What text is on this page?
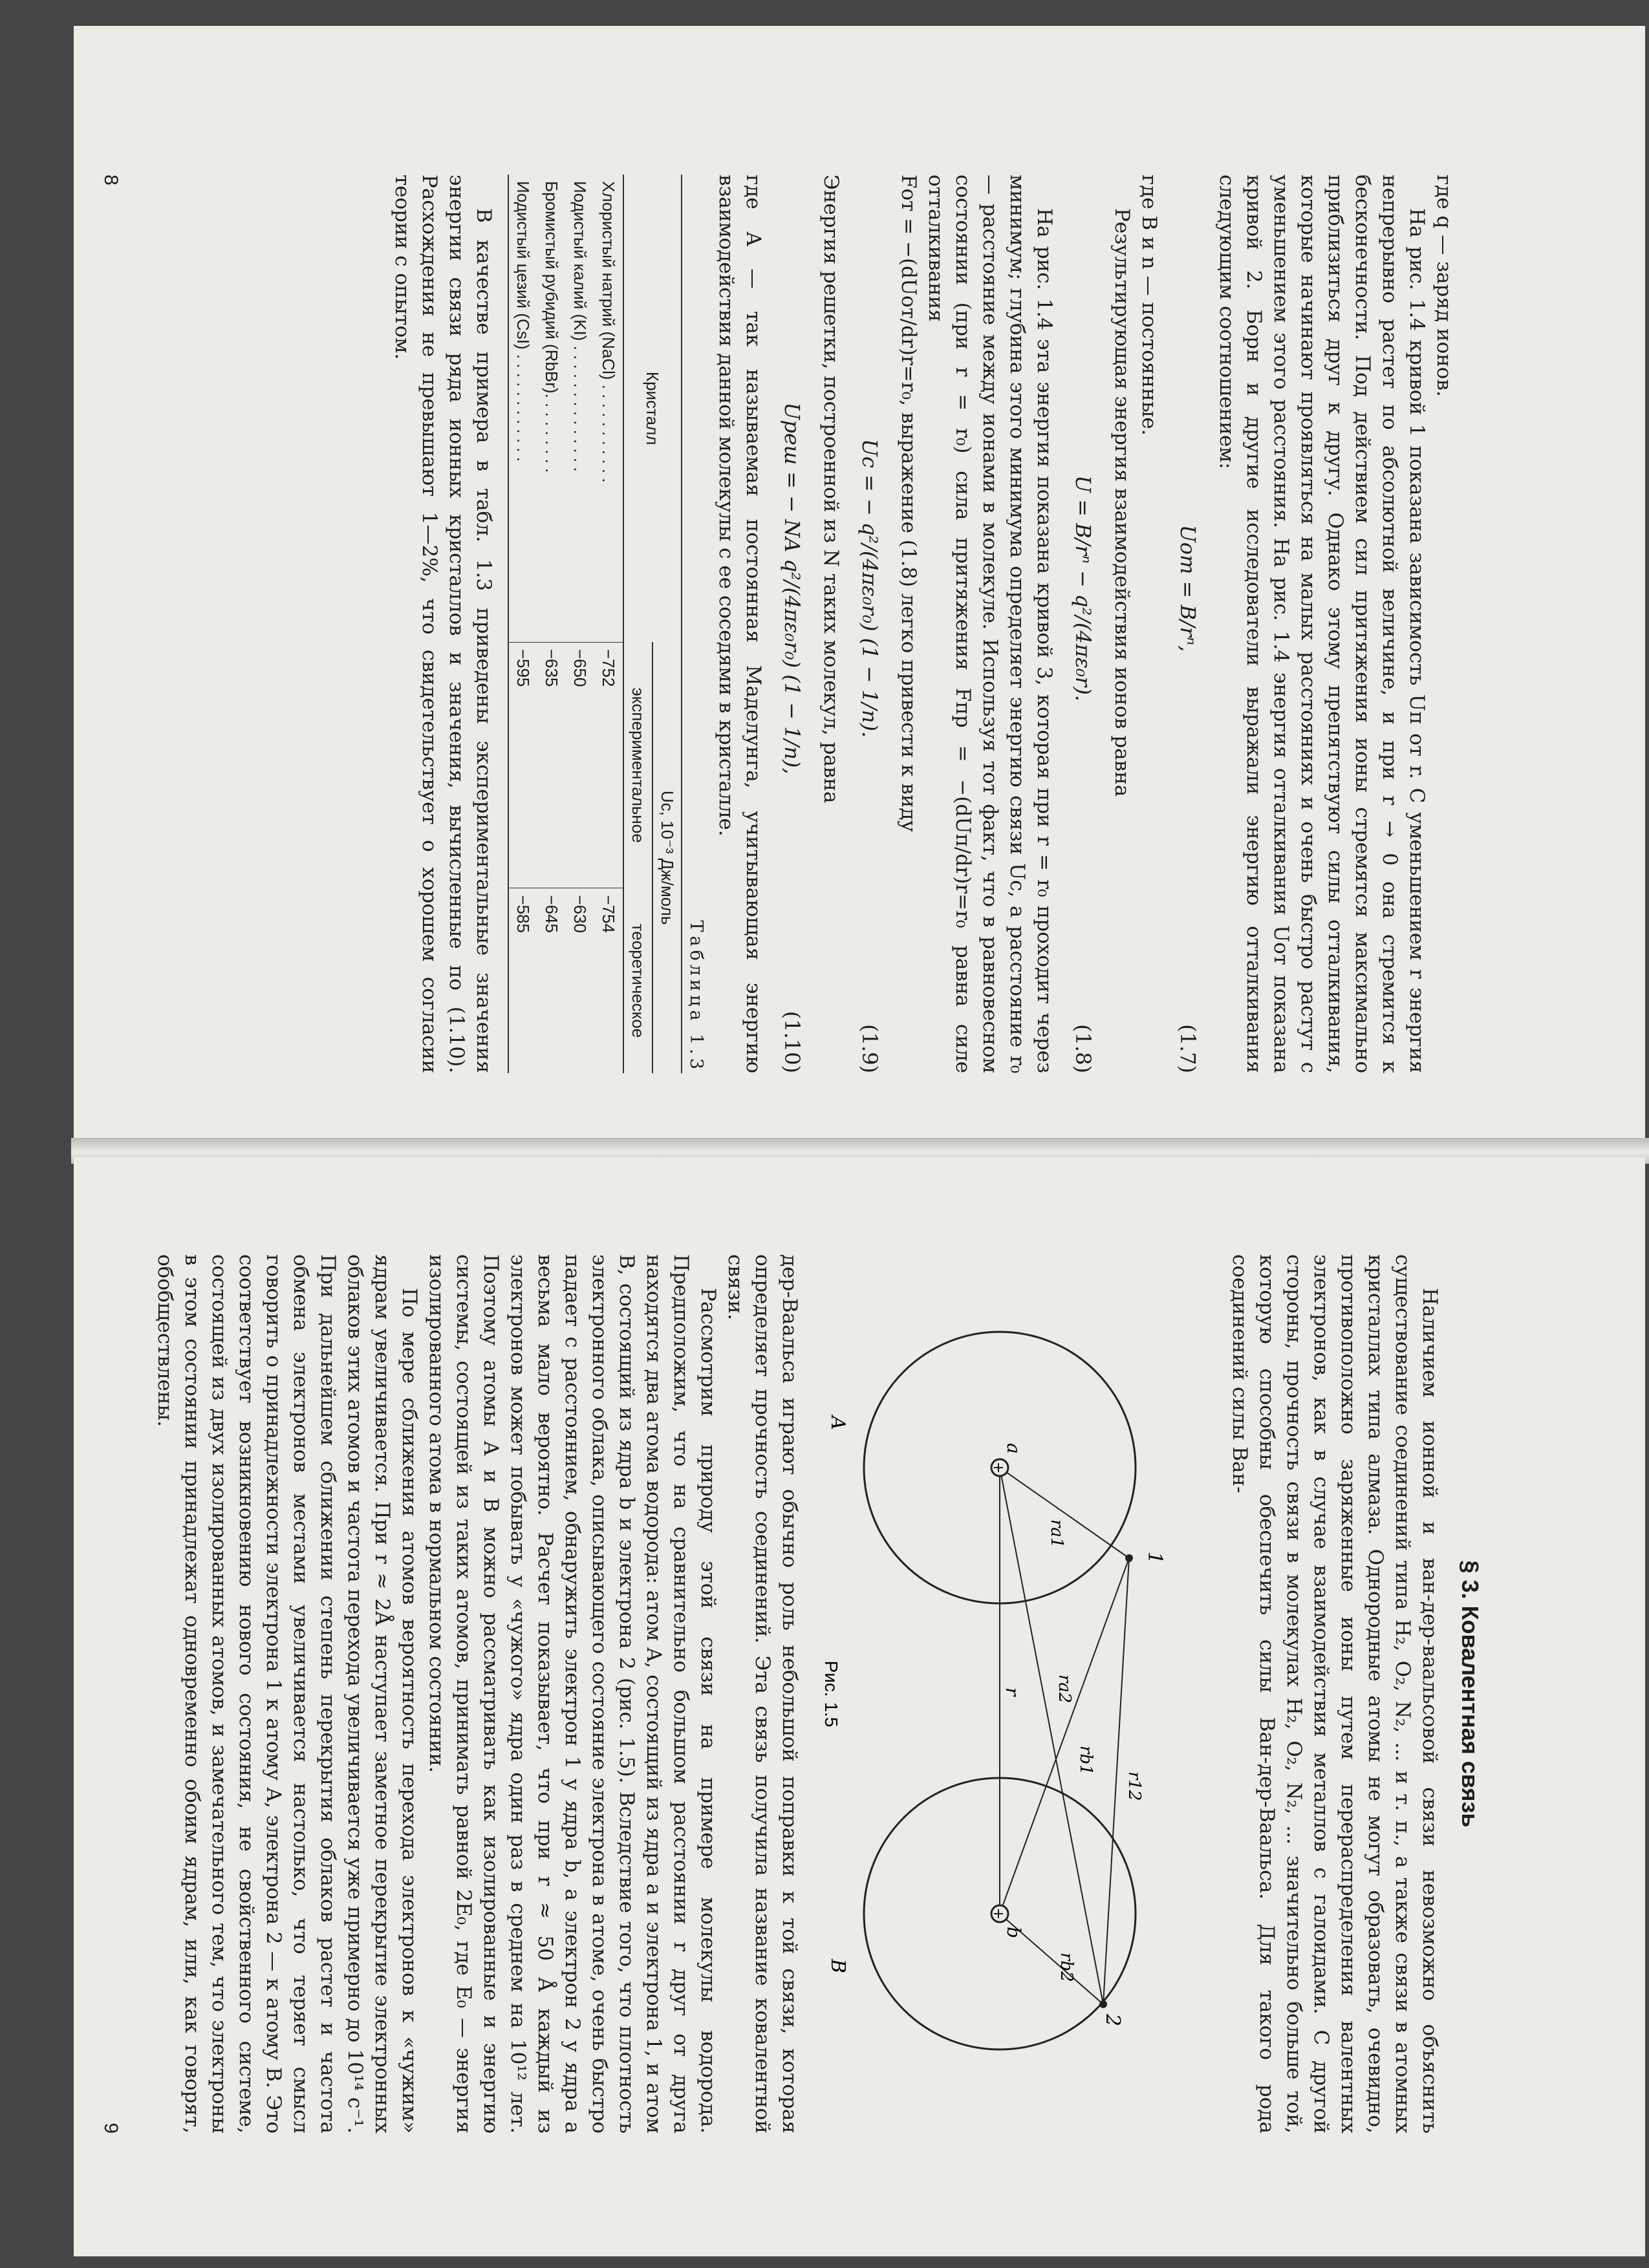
где q — заряд ионов.

На рис. 1.4 кривой 1 показана зависимость Uп от r. С уменьшением r энергия непрерывно растет по абсолютной величине, и при r → 0 она стремится к бесконечности. Под действием сил притяжения ионы стремятся максимально приблизиться друг к другу. Однако этому препятствуют силы отталкивания, которые начинают проявляться на малых расстояниях и очень быстро растут с уменьшением этого расстояния. На рис. 1.4 энергия отталкивания Uот показана кривой 2. Борн и другие исследователи выражали энергию отталкивания следующим соотношением:

Uот = B/rⁿ,
(1.7)

где B и n — постоянные.

Результирующая энергия взаимодействия ионов равна

U = B/rⁿ − q²/(4πε₀r).
(1.8)

На рис. 1.4 эта энергия показана кривой 3, которая при r = r₀ проходит через минимум; глубина этого минимума определяет энергию связи Uс, а расстояние r₀ — расстояние между ионами в молекуле. Используя тот факт, что в равновесном состоянии (при r = r₀) сила притяжения Fпр = −(dUп/dr)r=r₀ равна силе отталкивания

Fот = −(dUот/dr)r=r₀, выражение (1.8) легко привести к виду

Uс = − q²/(4πε₀r₀) (1 − 1/n).
(1.9)

Энергия решетки, построенной из N таких молекул, равна

Uреш = − NA q²/(4πε₀r₀) (1 − 1/n),
(1.10)

где A — так называемая постоянная Маделунга, учитывающая энергию взаимодействия данной молекулы с ее соседями в кристалле.

Таблица 1.3
Кристалл	Uс, 10⁻³ Дж/моль	
	экспериментальное	теоретическое
Хлористый натрий (NaCl) . . . . . . . . . . .	−752	−754
Иодистый калий (KI) . . . . . . . . . . . . . .	−650	−630
Бромистый рубидий (RbBr). . . . . . . . .	−635	−645
Иодистый цезий (CsI) . . . . . . . . . . . .	−595	−585

В качестве примера в табл. 1.3 приведены экспериментальные значения энергии связи ряда ионных кристаллов и значения, вычисленные по (1.10). Расхождения не превышают 1—2%, что свидетельствует о хорошем согласии теории с опытом.

8
§ 3. Ковалентная связь

Наличием ионной и ван-дер-ваальсовой связи невозможно объяснить существование соединений типа H₂, O₂, N₂, ... и т. п., а также связи в атомных кристаллах типа алмаза. Однородные атомы не могут образовать, очевидно, противоположно заряженные ионы путем перераспределения валентных электронов, как в случае взаимодействия металлов с галоидами. С другой стороны, прочность связи в молекулах H₂, O₂, N₂, ... значительно больше той, которую способны обеспечить силы Ван-дер-Ваальса. Для такого рода соединений силы Ван-

+
+
1
2
a
b
ra1
ra2
rb1
rb2
r12
r
A
B
Рис. 1.5

дер-Ваальса играют обычно роль небольшой поправки к той связи, которая определяет прочность соединений. Эта связь получила название ковалентной связи.

Рассмотрим природу этой связи на примере молекулы водорода. Предположим, что на сравнительно большом расстоянии r друг от друга находятся два атома водорода: атом A, состоящий из ядра a и электрона 1, и атом B, состоящий из ядра b и электрона 2 (рис. 1.5). Вследствие того, что плотность электронного облака, описывающего состояние электрона в атоме, очень быстро падает с расстоянием, обнаружить электрон 1 у ядра b, а электрон 2 у ядра a весьма мало вероятно. Расчет показывает, что при r ≈ 50 Å каждый из электронов может побывать у «чужого» ядра один раз в среднем на 10¹² лет. Поэтому атомы A и B можно рассматривать как изолированные и энергию системы, состоящей из таких атомов, принимать равной 2E₀, где E₀ — энергия изолированного атома в нормальном состоянии.

По мере сближения атомов вероятность перехода электронов к «чужим» ядрам увеличивается. При r ≈ 2Å наступает заметное перекрытие электронных облаков этих атомов и частота перехода увеличивается уже примерно до 10¹⁴ с⁻¹. При дальнейшем сближении степень перекрытия облаков растет и частота обмена электронов местами увеличивается настолько, что теряет смысл говорить о принадлежности электрона 1 к атому A, электрона 2 — к атому B. Это соответствует возникновению нового состояния, не свойственного системе, состоящей из двух изолированных атомов, и замечательного тем, что электроны в этом состоянии принадлежат одновременно обоим ядрам, или, как говорят, обобществлены.

9
